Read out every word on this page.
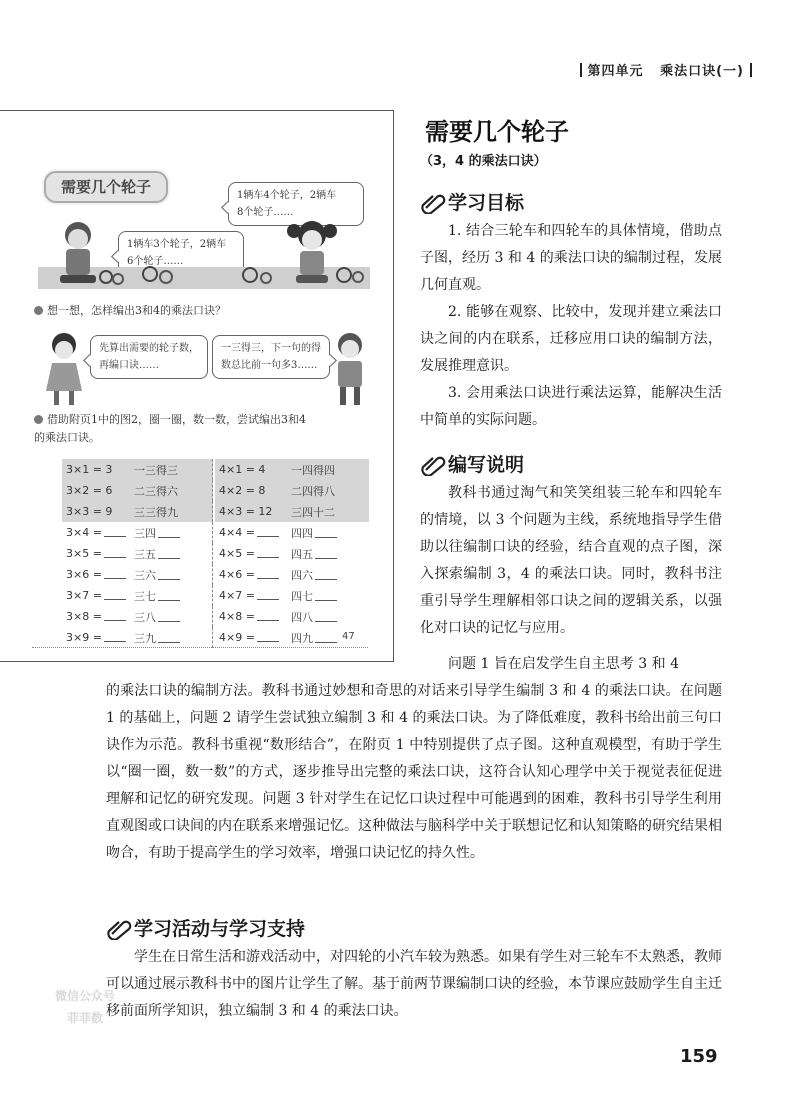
第四单元 乘法口诀(一)
需要几个轮子	1辆车4个轮子，2辆车
8个轮子……
1辆车3个轮子，2辆车
6个轮子……
想一想，怎样编出3和4的乘法口诀？
先算出需要的轮子数，
再编口诀……
一三得三，下一句的得
数总比前一句多3……
借助附页1中的图2，圈一圈，数一数，尝试编出3和4
的乘法口诀。
3×1 = 3	一三得三		4×1 = 4	一四得四
3×2 = 6	二三得六		4×2 = 8	二四得八
3×3 = 9	三三得九		4×3 = 12	三四十二
3×4 =	三四		4×4 =	四四
3×5 =	三五		4×5 =	四五
3×6 =	三六		4×6 =	四六
3×7 =	三七		4×7 =	四七
3×8 =	三八		4×8 =	四八
3×9 =	三九		4×9 =	四九	47
需要几个轮子
（3，4 的乘法口诀）
学习目标

1. 结合三轮车和四轮车的具体情境，借助点子图，经历 3 和 4 的乘法口诀的编制过程，发展几何直观。

2. 能够在观察、比较中，发现并建立乘法口诀之间的内在联系，迁移应用口诀的编制方法，发展推理意识。

3. 会用乘法口诀进行乘法运算，能解决生活中简单的实际问题。

编写说明

教科书通过淘气和笑笑组装三轮车和四轮车的情境，以 3 个问题为主线，系统地指导学生借助以往编制口诀的经验，结合直观的点子图，深入探索编制 3，4 的乘法口诀。同时，教科书注重引导学生理解相邻口诀之间的逻辑关系，以强化对口诀的记忆与应用。

问题 1 旨在启发学生自主思考 3 和 4

的乘法口诀的编制方法。教科书通过妙想和奇思的对话来引导学生编制 3 和 4 的乘法口诀。在问题 1 的基础上，问题 2 请学生尝试独立编制 3 和 4 的乘法口诀。为了降低难度，教科书给出前三句口诀作为示范。教科书重视“数形结合”，在附页 1 中特别提供了点子图。这种直观模型，有助于学生以“圈一圈，数一数”的方式，逐步推导出完整的乘法口诀，这符合认知心理学中关于视觉表征促进理解和记忆的研究发现。问题 3 针对学生在记忆口诀过程中可能遇到的困难，教科书引导学生利用直观图或口诀间的内在联系来增强记忆。这种做法与脑科学中关于联想记忆和认知策略的研究结果相吻合，有助于提高学生的学习效率，增强口诀记忆的持久性。

学习活动与学习支持

学生在日常生活和游戏活动中，对四轮的小汽车较为熟悉。如果有学生对三轮车不太熟悉，教师可以通过展示教科书中的图片让学生了解。基于前两节课编制口诀的经验，本节课应鼓励学生自主迁移前面所学知识，独立编制 3 和 4 的乘法口诀。

微信公众号
菲菲数
159
